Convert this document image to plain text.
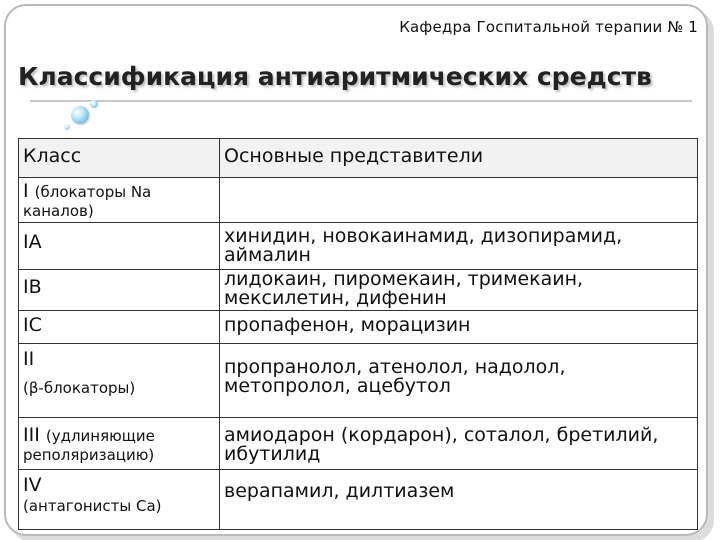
Кафедра Госпитальной терапии № 1
Классификация антиаритмических средств
Класс	Основные представители
I (блокаторы Na каналов)	
IA	хинидин, новокаинамид, дизопирамид, аймалин
IB	лидокаин, пиромекаин, тримекаин, мексилетин, дифенин
IC	пропафенон, морацизин
II
(β-блокаторы)	пропранолол, атенолол, надолол, метопролол, ацебутол
III (удлиняющие реполяризацию)	амиодарон (кордарон), соталол, бретилий, ибутилид
IV
(антагонисты Ca)	верапамил, дилтиазем
